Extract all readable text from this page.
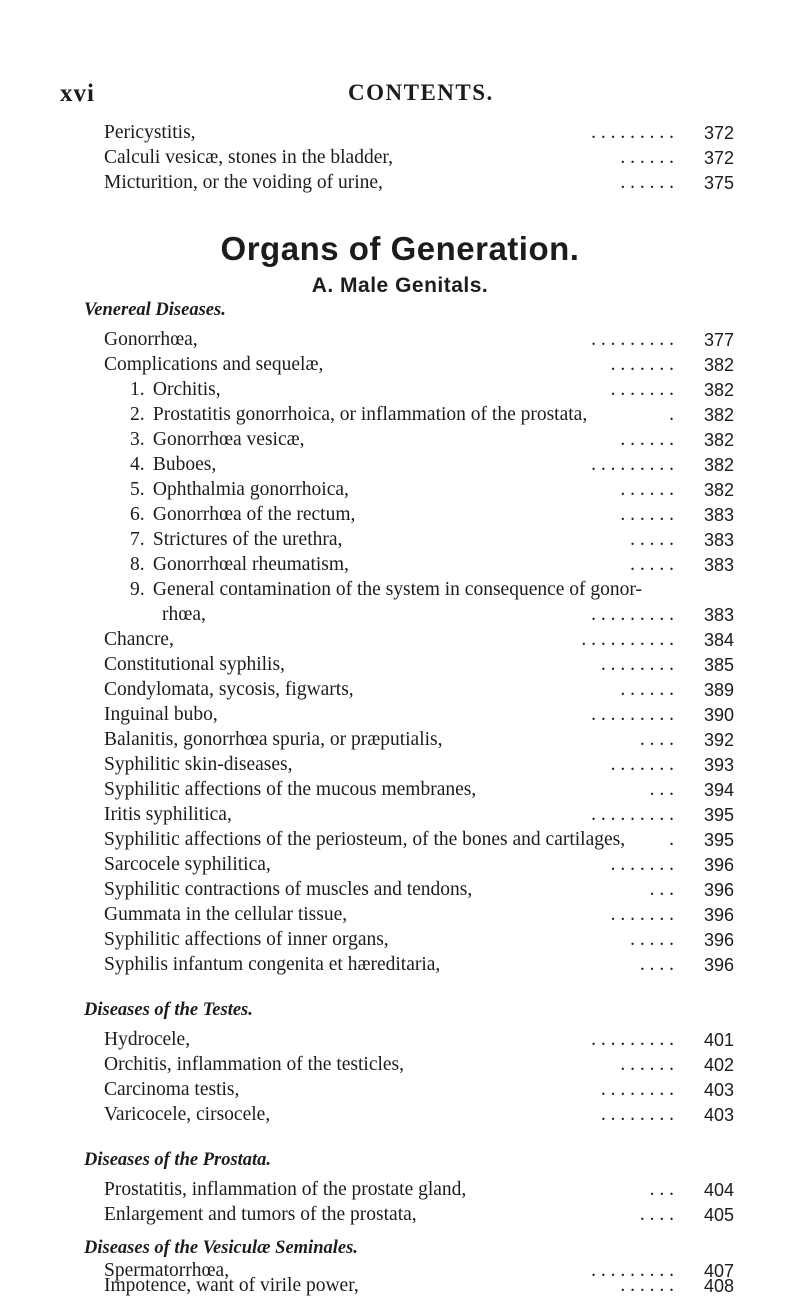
xvi	CONTENTS.
Pericystitis,	. . . . . . . . . 372
Calculi vesicæ, stones in the bladder,	. . . . . . 372
Micturition, or the voiding of urine,	. . . . . . 375
Organs of Generation.
A. Male Genitals.
Venereal Diseases.
Gonorrhœa,	. . . . . . . . . 377
Complications and sequelæ,	. . . . . . . 382
1. Orchitis,	. . . . . . . 382
2. Prostatitis gonorrhoica, or inflammation of the prostata,	. 382
3. Gonorrhœa vesicæ,	. . . . . . 382
4. Buboes,	. . . . . . . . . 382
5. Ophthalmia gonorrhoica,	. . . . . . 382
6. Gonorrhœa of the rectum,	. . . . . . 383
7. Strictures of the urethra,	. . . . . 383
8. Gonorrhœal rheumatism,	. . . . . 383
9. General contamination of the system in consequence of gonor-
rhœa,	. . . . . . . . . 383
Chancre,	. . . . . . . . . . 384
Constitutional syphilis,	. . . . . . . . 385
Condylomata, sycosis, figwarts,	. . . . . . 389
Inguinal bubo,	. . . . . . . . . 390
Balanitis, gonorrhœa spuria, or præputialis,	. . . . 392
Syphilitic skin-diseases,	. . . . . . . 393
Syphilitic affections of the mucous membranes,	. . . 394
Iritis syphilitica,	. . . . . . . . . 395
Syphilitic affections of the periosteum, of the bones and cartilages, . 395
Sarcocele syphilitica,	. . . . . . . 396
Syphilitic contractions of muscles and tendons,	. . . 396
Gummata in the cellular tissue,	. . . . . . . 396
Syphilitic affections of inner organs,	. . . . . 396
Syphilis infantum congenita et hæreditaria,	. . . . 396
Diseases of the Testes.
Hydrocele,	. . . . . . . . . 401
Orchitis, inflammation of the testicles,	. . . . . . 402
Carcinoma testis,	. . . . . . . . 403
Varicocele, cirsocele,	. . . . . . . . 403
Diseases of the Prostata.
Prostatitis, inflammation of the prostate gland,	. . . 404
Enlargement and tumors of the prostata,	. . . . 405
Diseases of the Vesiculæ Seminales.
Spermatorrhœa,	. . . . . . . . . 407
Impotence, want of virile power,	. . . . . . 408
